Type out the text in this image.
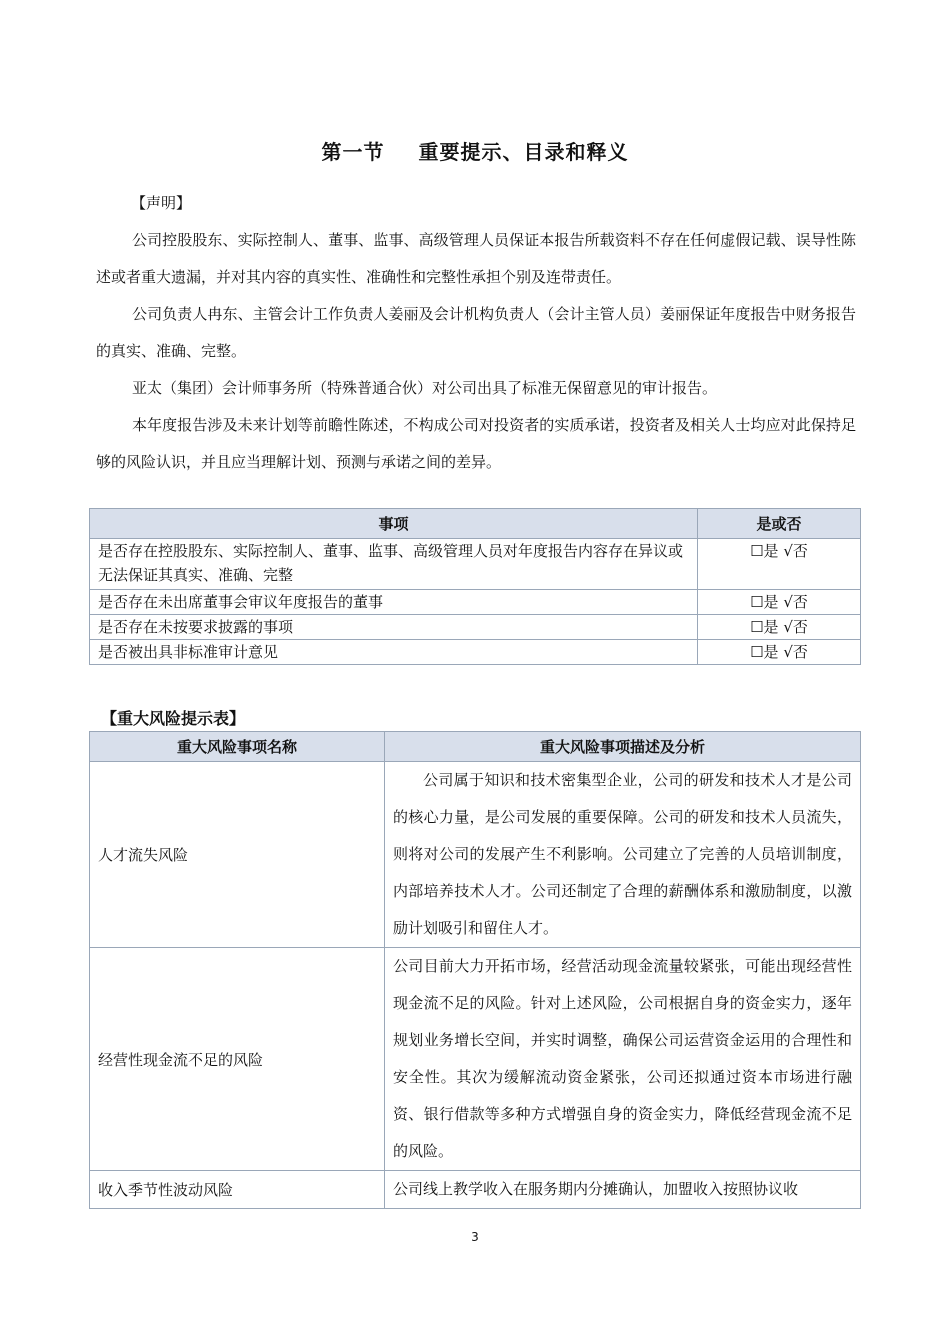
第一节 重要提示、目录和释义
【声明】

公司控股股东、实际控制人、董事、监事、高级管理人员保证本报告所载资料不存在任何虚假记载、误导性陈述或者重大遗漏，并对其内容的真实性、准确性和完整性承担个别及连带责任。

公司负责人冉东、主管会计工作负责人姜丽及会计机构负责人（会计主管人员）姜丽保证年度报告中财务报告的真实、准确、完整。

亚太（集团）会计师事务所（特殊普通合伙）对公司出具了标准无保留意见的审计报告。

本年度报告涉及未来计划等前瞻性陈述，不构成公司对投资者的实质承诺，投资者及相关人士均应对此保持足够的风险认识，并且应当理解计划、预测与承诺之间的差异。

事项	是或否
是否存在控股股东、实际控制人、董事、监事、高级管理人员对年度报告内容存在异议或无法保证其真实、准确、完整	☐是 √否
是否存在未出席董事会审议年度报告的董事	☐是 √否
是否存在未按要求披露的事项	☐是 √否
是否被出具非标准审计意见	☐是 √否
【重大风险提示表】
重大风险事项名称	重大风险事项描述及分析
人才流失风险	公司属于知识和技术密集型企业，公司的研发和技术人才是公司的核心力量，是公司发展的重要保障。公司的研发和技术人员流失，则将对公司的发展产生不利影响。公司建立了完善的人员培训制度，内部培养技术人才。公司还制定了合理的薪酬体系和激励制度，以激励计划吸引和留住人才。
经营性现金流不足的风险	公司目前大力开拓市场，经营活动现金流量较紧张，可能出现经营性现金流不足的风险。针对上述风险，公司根据自身的资金实力，逐年规划业务增长空间，并实时调整，确保公司运营资金运用的合理性和安全性。其次为缓解流动资金紧张，公司还拟通过资本市场进行融资、银行借款等多种方式增强自身的资金实力，降低经营现金流不足的风险。
收入季节性波动风险	公司线上教学收入在服务期内分摊确认，加盟收入按照协议收
3
